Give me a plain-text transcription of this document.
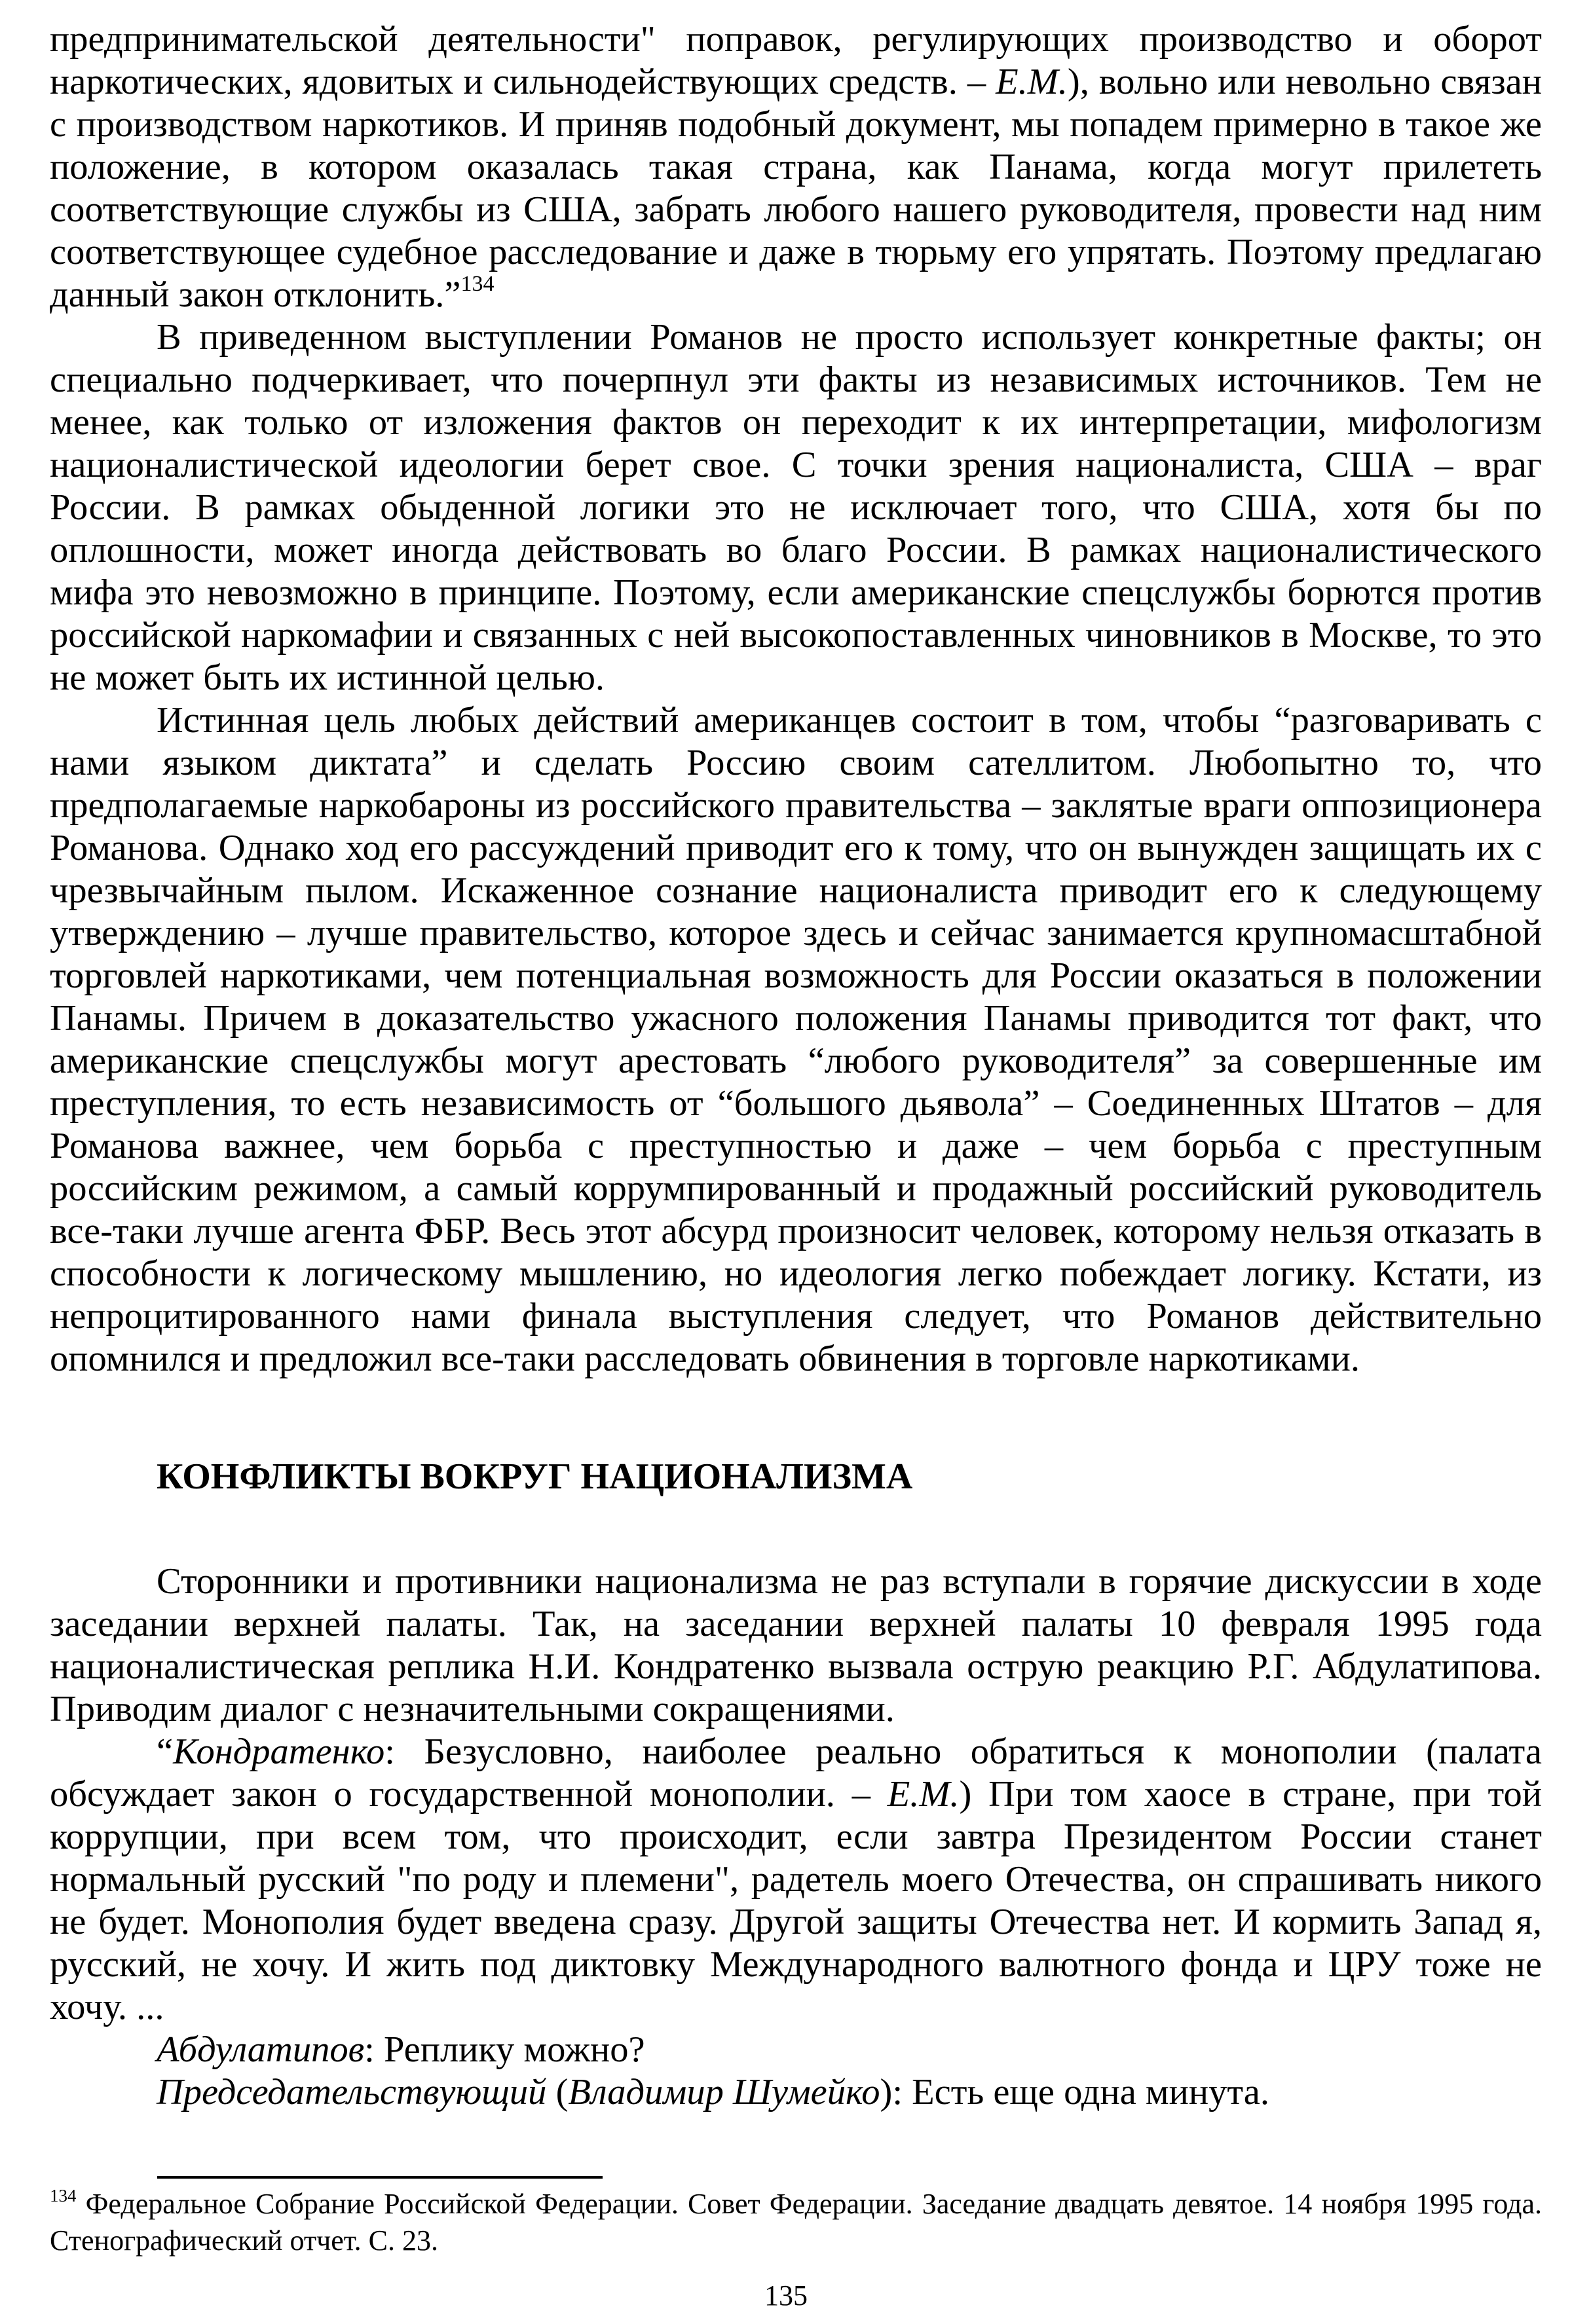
предпринимательской деятельности" поправок, регулирующих производство и оборот наркотических, ядовитых и сильнодействующих средств. – Е.М.), вольно или невольно связан с производством наркотиков. И приняв подобный документ, мы попадем примерно в такое же положение, в котором оказалась такая страна, как Панама, когда могут прилететь соответствующие службы из США, забрать любого нашего руководителя, провести над ним соответствующее судебное расследование и даже в тюрьму его упрятать. Поэтому предлагаю данный закон отклонить.”$^{134}$

В приведенном выступлении Романов не просто использует конкретные факты; он специально подчеркивает, что почерпнул эти факты из независимых источников. Тем не менее, как только от изложения фактов он переходит к их интерпретации, мифологизм националистической идеологии берет свое. С точки зрения националиста, США – враг России. В рамках обыденной логики это не исключает того, что США, хотя бы по оплошности, может иногда действовать во благо России. В рамках националистического мифа это невозможно в принципе. Поэтому, если американские спецслужбы борются против российской наркомафии и связанных с ней высокопоставленных чиновников в Москве, то это не может быть их истинной целью.

Истинная цель любых действий американцев состоит в том, чтобы “разговаривать с нами языком диктата” и сделать Россию своим сателлитом. Любопытно то, что предполагаемые наркобароны из российского правительства – заклятые враги оппозиционера Романова. Однако ход его рассуждений приводит его к тому, что он вынужден защищать их с чрезвычайным пылом. Искаженное сознание националиста приводит его к следующему утверждению – лучше правительство, которое здесь и сейчас занимается крупномасштабной торговлей наркотиками, чем потенциальная возможность для России оказаться в положении Панамы. Причем в доказательство ужасного положения Панамы приводится тот факт, что американские спецслужбы могут арестовать “любого руководителя” за совершенные им преступления, то есть независимость от “большого дьявола” – Соединенных Штатов – для Романова важнее, чем борьба с преступностью и даже – чем борьба с преступным российским режимом, а самый коррумпированный и продажный российский руководитель все-таки лучше агента ФБР. Весь этот абсурд произносит человек, которому нельзя отказать в способности к логическому мышлению, но идеология легко побеждает логику. Кстати, из непроцитированного нами финала выступления следует, что Романов действительно опомнился и предложил все-таки расследовать обвинения в торговле наркотиками.

КОНФЛИКТЫ ВОКРУГ НАЦИОНАЛИЗМА

Сторонники и противники национализма не раз вступали в горячие дискуссии в ходе заседании верхней палаты. Так, на заседании верхней палаты 10 февраля 1995 года националистическая реплика Н.И. Кондратенко вызвала острую реакцию Р.Г. Абдулатипова. Приводим диалог с незначительными сокращениями.

“Кондратенко: Безусловно, наиболее реально обратиться к монополии (палата обсуждает закон о государственной монополии. – Е.М.) При том хаосе в стране, при той коррупции, при всем том, что происходит, если завтра Президентом России станет нормальный русский "по роду и племени", радетель моего Отечества, он спрашивать никого не будет. Монополия будет введена сразу. Другой защиты Отечества нет. И кормить Запад я, русский, не хочу. И жить под диктовку Международного валютного фонда и ЦРУ тоже не хочу. ...

Абдулатипов: Реплику можно?

Председательствующий (Владимир Шумейко): Есть еще одна минута.

$^{134}$ Федеральное Собрание Российской Федерации. Совет Федерации. Заседание двадцать девятое. 14 ноября 1995 года. Стенографический отчет. С. 23.
135
